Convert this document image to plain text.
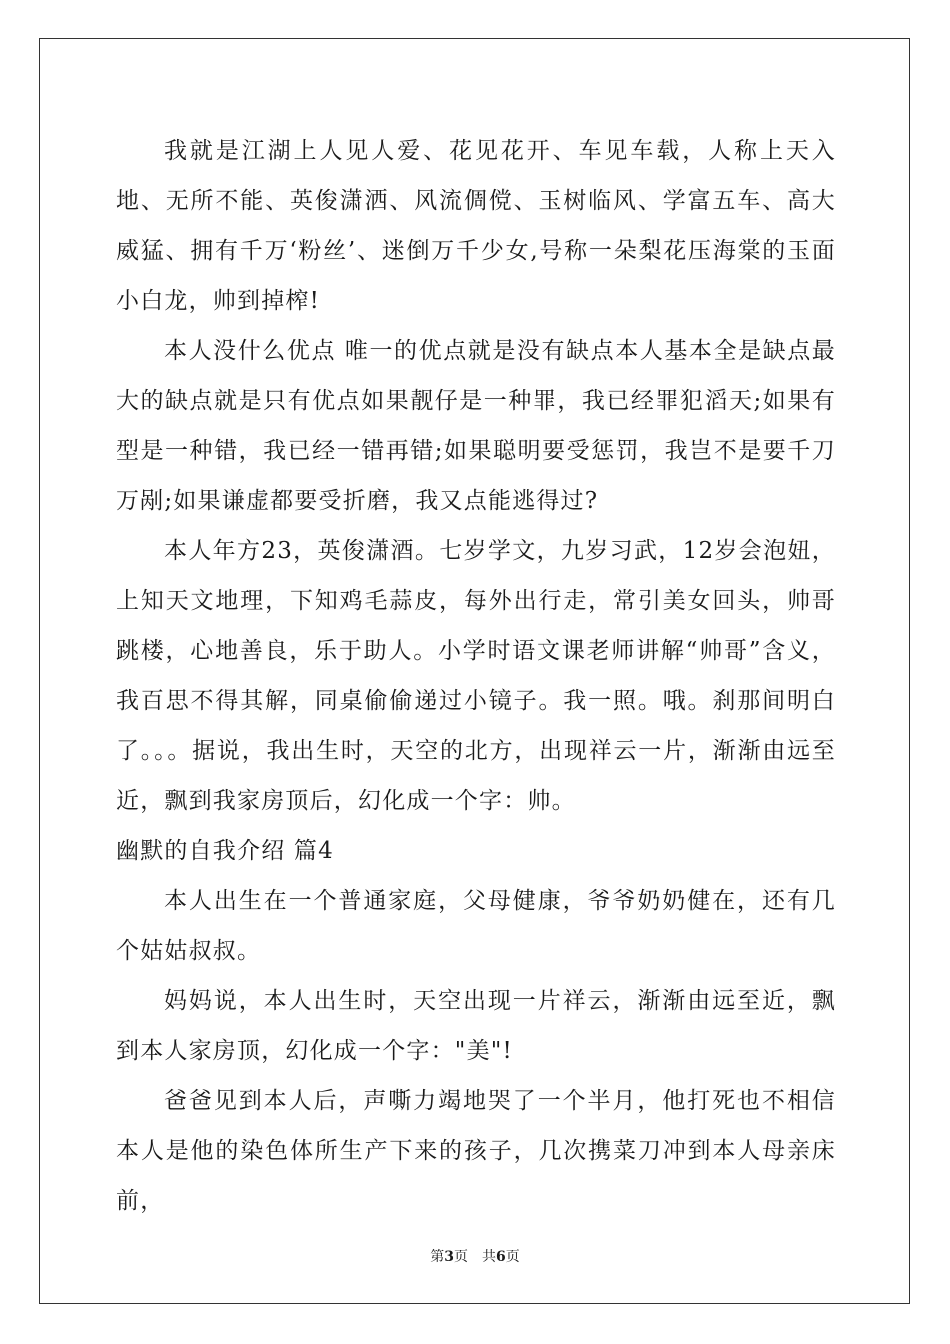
我就是江湖上人见人爱、花见花开、车见车载，人称上天入地、无所不能、英俊潇洒、风流倜傥、玉树临风、学富五车、高大威猛、拥有千万‘粉丝’、迷倒万千少女,号称一朵梨花压海棠的玉面小白龙，帅到掉榨!

本人没什么优点 唯一的优点就是没有缺点本人基本全是缺点最大的缺点就是只有优点如果靓仔是一种罪，我已经罪犯滔天;如果有型是一种错，我已经一错再错;如果聪明要受惩罚，我岂不是要千刀万剐;如果谦虚都要受折磨，我又点能逃得过?

本人年方23，英俊潇酒。七岁学文，九岁习武，12岁会泡妞，上知天文地理，下知鸡毛蒜皮，每外出行走，常引美女回头，帅哥跳楼，心地善良，乐于助人。小学时语文课老师讲解“帅哥”含义，我百思不得其解，同桌偷偷递过小镜子。我一照。哦。刹那间明白了。。。据说，我出生时，天空的北方，出现祥云一片，渐渐由远至近，飘到我家房顶后，幻化成一个字：帅。

幽默的自我介绍 篇4

本人出生在一个普通家庭，父母健康，爷爷奶奶健在，还有几个姑姑叔叔。

妈妈说，本人出生时，天空出现一片祥云，渐渐由远至近，飘到本人家房顶，幻化成一个字："美"!

爸爸见到本人后，声嘶力竭地哭了一个半月，他打死也不相信本人是他的染色体所生产下来的孩子，几次携菜刀冲到本人母亲床前，

第3页　共6页
